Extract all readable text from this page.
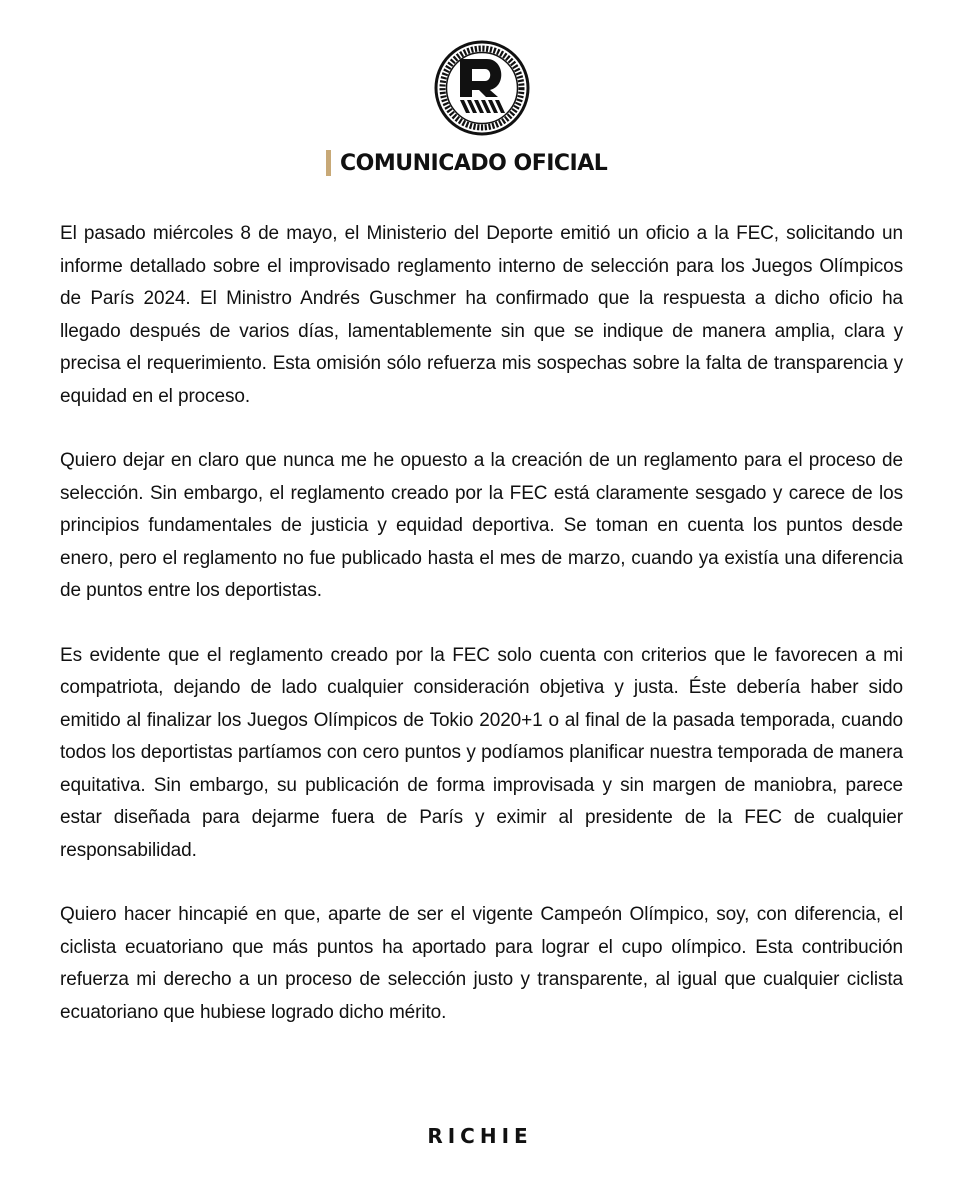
COMUNICADO OFICIAL

El pasado miércoles 8 de mayo, el Ministerio del Deporte emitió un oficio a la FEC, solicitando un informe detallado sobre el improvisado reglamento interno de selección para los Juegos Olímpicos de París 2024. El Ministro Andrés Guschmer ha confirmado que la respuesta a dicho oficio ha llegado después de varios días, lamentablemente sin que se indique de manera amplia, clara y precisa el requerimiento. Esta omisión sólo refuerza mis sospechas sobre la falta de transparencia y equidad en el proceso.

Quiero dejar en claro que nunca me he opuesto a la creación de un reglamento para el proceso de selección. Sin embargo, el reglamento creado por la FEC está claramente sesgado y carece de los principios fundamentales de justicia y equidad deportiva. Se toman en cuenta los puntos desde enero, pero el reglamento no fue publicado hasta el mes de marzo, cuando ya existía una diferencia de puntos entre los deportistas.

Es evidente que el reglamento creado por la FEC solo cuenta con criterios que le favorecen a mi compatriota, dejando de lado cualquier consideración objetiva y justa. Éste debería haber sido emitido al finalizar los Juegos Olímpicos de Tokio 2020+1 o al final de la pasada temporada, cuando todos los deportistas partíamos con cero puntos y podíamos planificar nuestra temporada de manera equitativa. Sin embargo, su publicación de forma improvisada y sin margen de maniobra, parece estar diseñada para dejarme fuera de París y eximir al presidente de la FEC de cualquier responsabilidad.

Quiero hacer hincapié en que, aparte de ser el vigente Campeón Olímpico, soy, con diferencia, el ciclista ecuatoriano que más puntos ha aportado para lograr el cupo olímpico. Esta contribución refuerza mi derecho a un proceso de selección justo y transparente, al igual que cualquier ciclista ecuatoriano que hubiese logrado dicho mérito.

RICHIE
